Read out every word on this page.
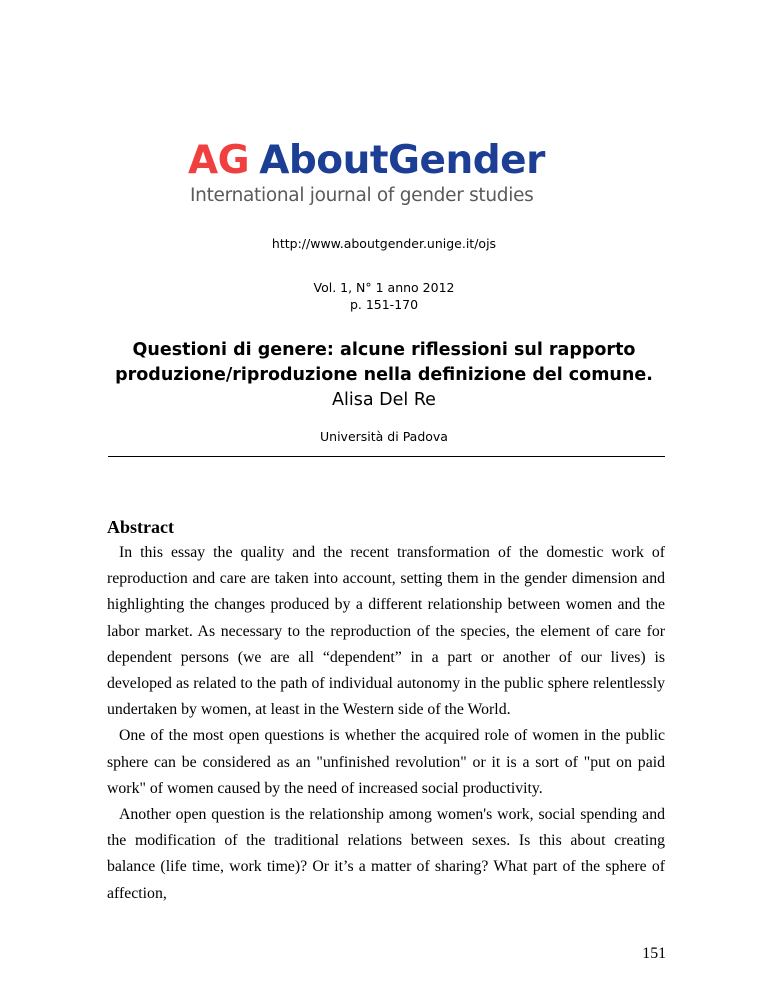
AG AboutGender
International journal of gender studies
http://www.aboutgender.unige.it/ojs
Vol. 1, N° 1 anno 2012
p. 151-170
Questioni di genere: alcune riflessioni sul rapporto
produzione/riproduzione nella definizione del comune.
Alisa Del Re
Università di Padova
Abstract

In this essay the quality and the recent transformation of the domestic work of reproduction and care are taken into account, setting them in the gender dimension and highlighting the changes produced by a different relationship between women and the labor market. As necessary to the reproduction of the species, the element of care for dependent persons (we are all “dependent” in a part or another of our lives) is developed as related to the path of individual autonomy in the public sphere relentlessly undertaken by women, at least in the Western side of the World.

One of the most open questions is whether the acquired role of women in the public sphere can be considered as an "unfinished revolution" or it is a sort of "put on paid work" of women caused by the need of increased social productivity.

Another open question is the relationship among women's work, social spending and the modification of the traditional relations between sexes. Is this about creating balance (life time, work time)? Or it’s a matter of sharing? What part of the sphere of affection,

151
